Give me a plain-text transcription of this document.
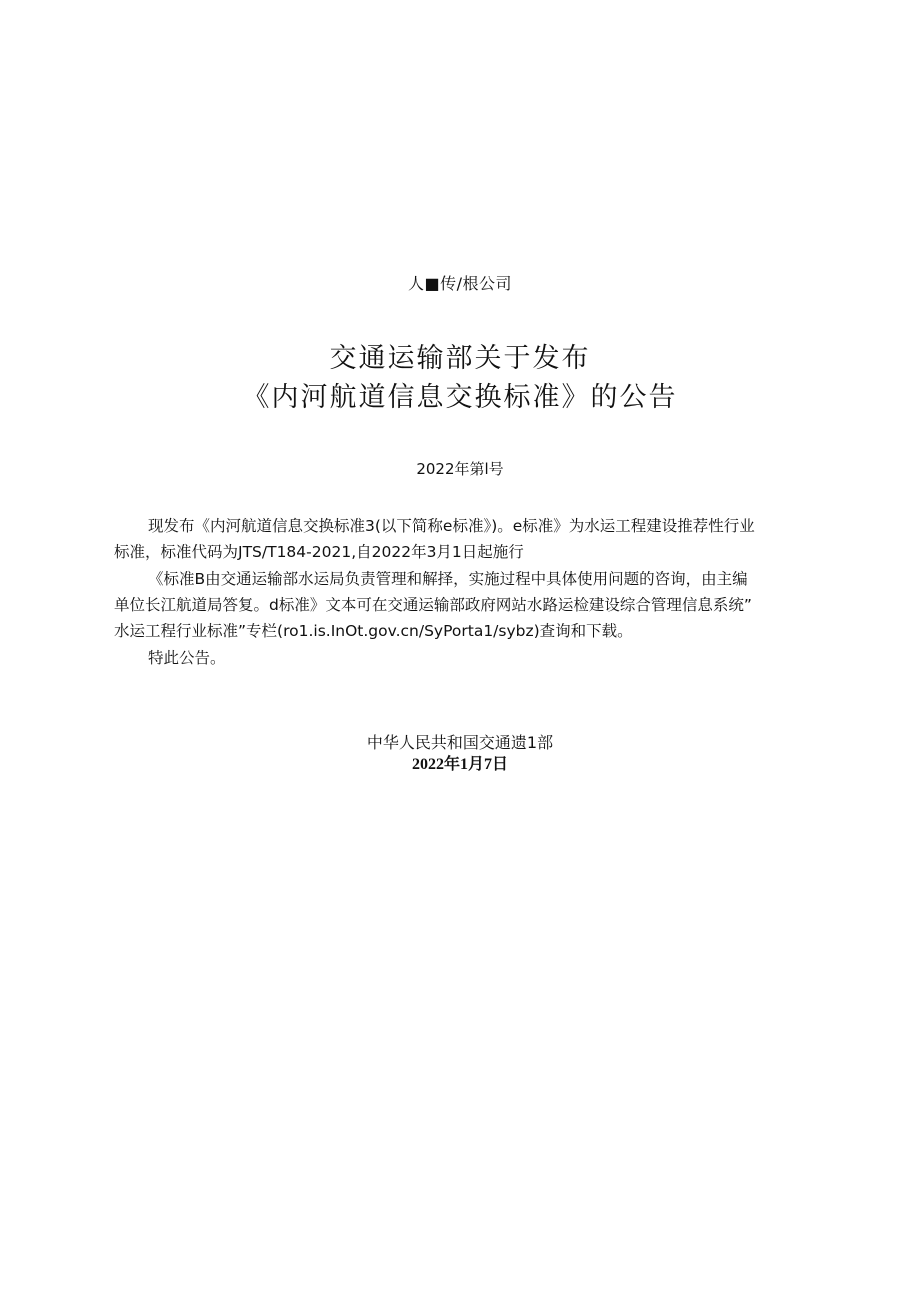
人■传/根公司
交通运输部关于发布
《内河航道信息交换标准》的公告
2022年第l号
现发布《内河航道信息交换标准3(以下简称e标准》)。e标准》为水运工程建设推荐性行业
标准，标准代码为JTS/T184-2021,自2022年3月1日起施行
《标准B由交通运输部水运局负责管理和解择，实施过程中具体使用问题的咨询，由主编
单位长江航道局答复。d标准》文本可在交通运输部政府网站水路运检建设综合管理信息系统”
水运工程行业标准”专栏(ro1.is.InOt.gov.cn/SyPorta1/sybz)查询和下载。
特此公告。
中华人民共和国交通遗1部
2022年1月7日
